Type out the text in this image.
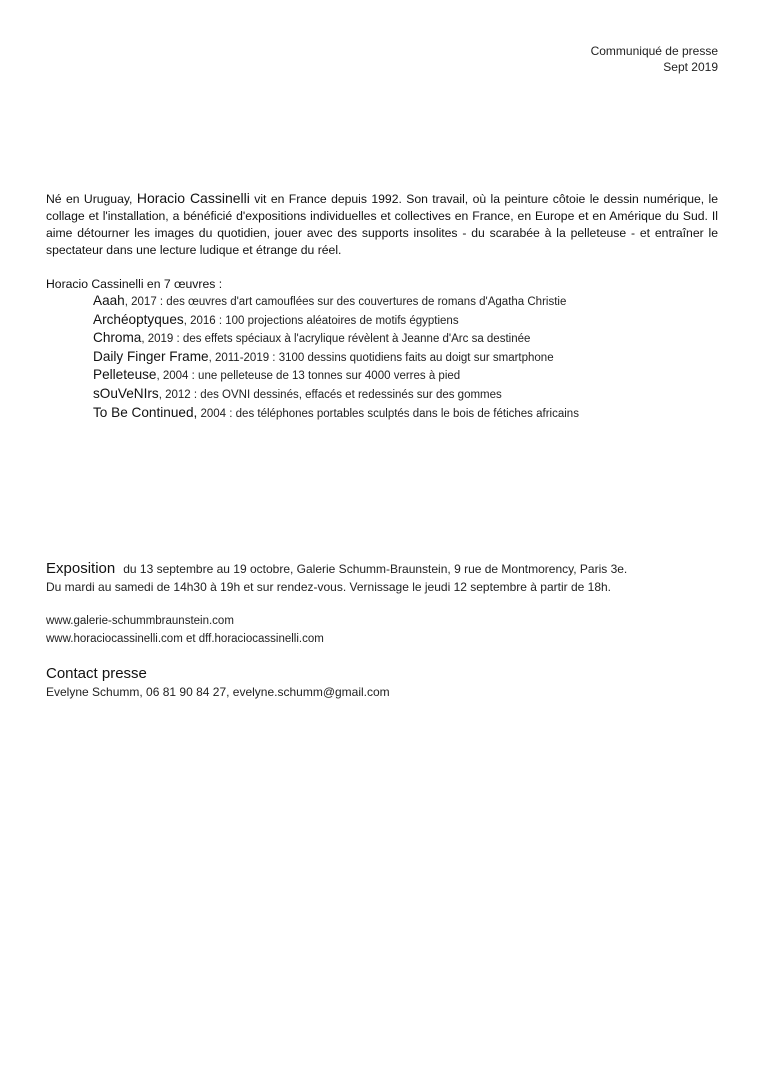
Communiqué de presse
Sept 2019
Né en Uruguay, Horacio Cassinelli vit en France depuis 1992. Son travail, où la peinture côtoie le dessin numérique, le collage et l'installation, a bénéficié d'expositions individuelles et collectives en France, en Europe et en Amérique du Sud. Il aime détourner les images du quotidien, jouer avec des supports insolites - du scarabée à la pelleteuse - et entraîner le spectateur dans une lecture ludique et étrange du réel.
Horacio Cassinelli en 7 œuvres :
Aaah, 2017 : des œuvres d'art camouflées sur des couvertures de romans d'Agatha Christie
Archéoptyques, 2016 : 100 projections aléatoires de motifs égyptiens
Chroma, 2019 : des effets spéciaux à l'acrylique révèlent à Jeanne d'Arc sa destinée
Daily Finger Frame, 2011-2019 : 3100 dessins quotidiens faits au doigt sur smartphone
Pelleteuse, 2004 : une pelleteuse de 13 tonnes sur 4000 verres à pied
sOuVeNIrs, 2012 : des OVNI dessinés, effacés et redessinés sur des gommes
To Be Continued, 2004 : des téléphones portables sculptés dans le bois de fétiches africains
Exposition du 13 septembre au 19 octobre, Galerie Schumm-Braunstein, 9 rue de Montmorency, Paris 3e.
Du mardi au samedi de 14h30 à 19h et sur rendez-vous. Vernissage le jeudi 12 septembre à partir de 18h.
www.galerie-schummbraunstein.com
www.horaciocassinelli.com et dff.horaciocassinelli.com
Contact presse
Evelyne Schumm, 06 81 90 84 27, evelyne.schumm@gmail.com
